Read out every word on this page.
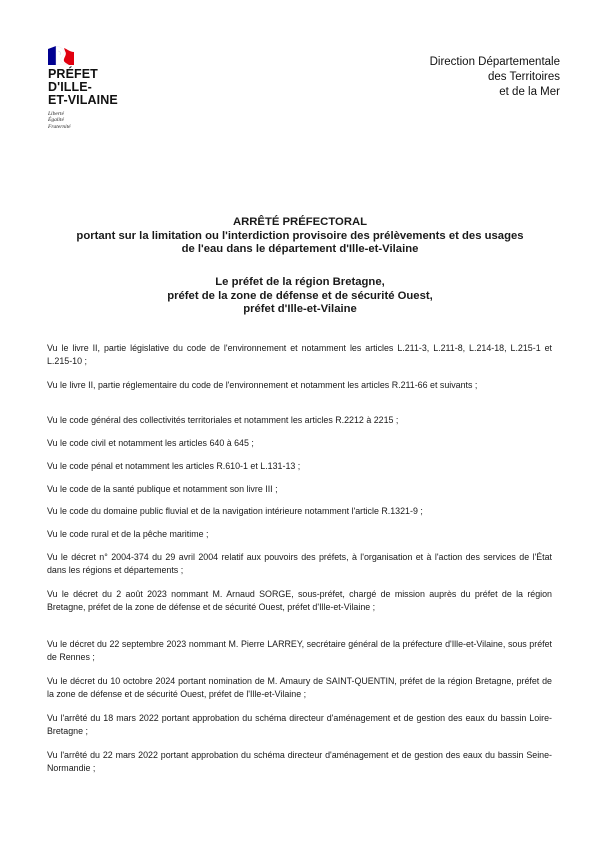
PRÉFET
D'ILLE-
ET-VILAINE
Liberté
Égalité
Fraternité
Direction Départementale
des Territoires
et de la Mer
ARRÊTÉ PRÉFECTORAL
portant sur la limitation ou l'interdiction provisoire des prélèvements et des usages
de l'eau dans le département d'Ille-et-Vilaine
Le préfet de la région Bretagne,
préfet de la zone de défense et de sécurité Ouest,
préfet d'Ille-et-Vilaine

Vu le livre II, partie législative du code de l'environnement et notamment les articles L.211-3, L.211-8, L.214-18, L.215-1 et L.215-10 ;

Vu le livre II, partie réglementaire du code de l'environnement et notamment les articles R.211-66 et suivants ;

Vu le code général des collectivités territoriales et notamment les articles R.2212 à 2215 ;

Vu le code civil et notamment les articles 640 à 645 ;

Vu le code pénal et notamment les articles R.610-1 et L.131-13 ;

Vu le code de la santé publique et notamment son livre III ;

Vu le code du domaine public fluvial et de la navigation intérieure notamment l'article R.1321-9 ;

Vu le code rural et de la pêche maritime ;

Vu le décret n° 2004-374 du 29 avril 2004 relatif aux pouvoirs des préfets, à l'organisation et à l'action des services de l'État dans les régions et départements ;

Vu le décret du 2 août 2023 nommant M. Arnaud SORGE, sous-préfet, chargé de mission auprès du préfet de la région Bretagne, préfet de la zone de défense et de sécurité Ouest, préfet d'Ille-et-Vilaine ;

Vu le décret du 22 septembre 2023 nommant M. Pierre LARREY, secrétaire général de la préfecture d'Ille-et-Vilaine, sous préfet de Rennes ;

Vu le décret du 10 octobre 2024 portant nomination de M. Amaury de SAINT-QUENTIN, préfet de la région Bretagne, préfet de la zone de défense et de sécurité Ouest, préfet de l'Ille-et-Vilaine ;

Vu l'arrêté du 18 mars 2022 portant approbation du schéma directeur d'aménagement et de gestion des eaux du bassin Loire-Bretagne ;

Vu l'arrêté du 22 mars 2022 portant approbation du schéma directeur d'aménagement et de gestion des eaux du bassin Seine-Normandie ;
